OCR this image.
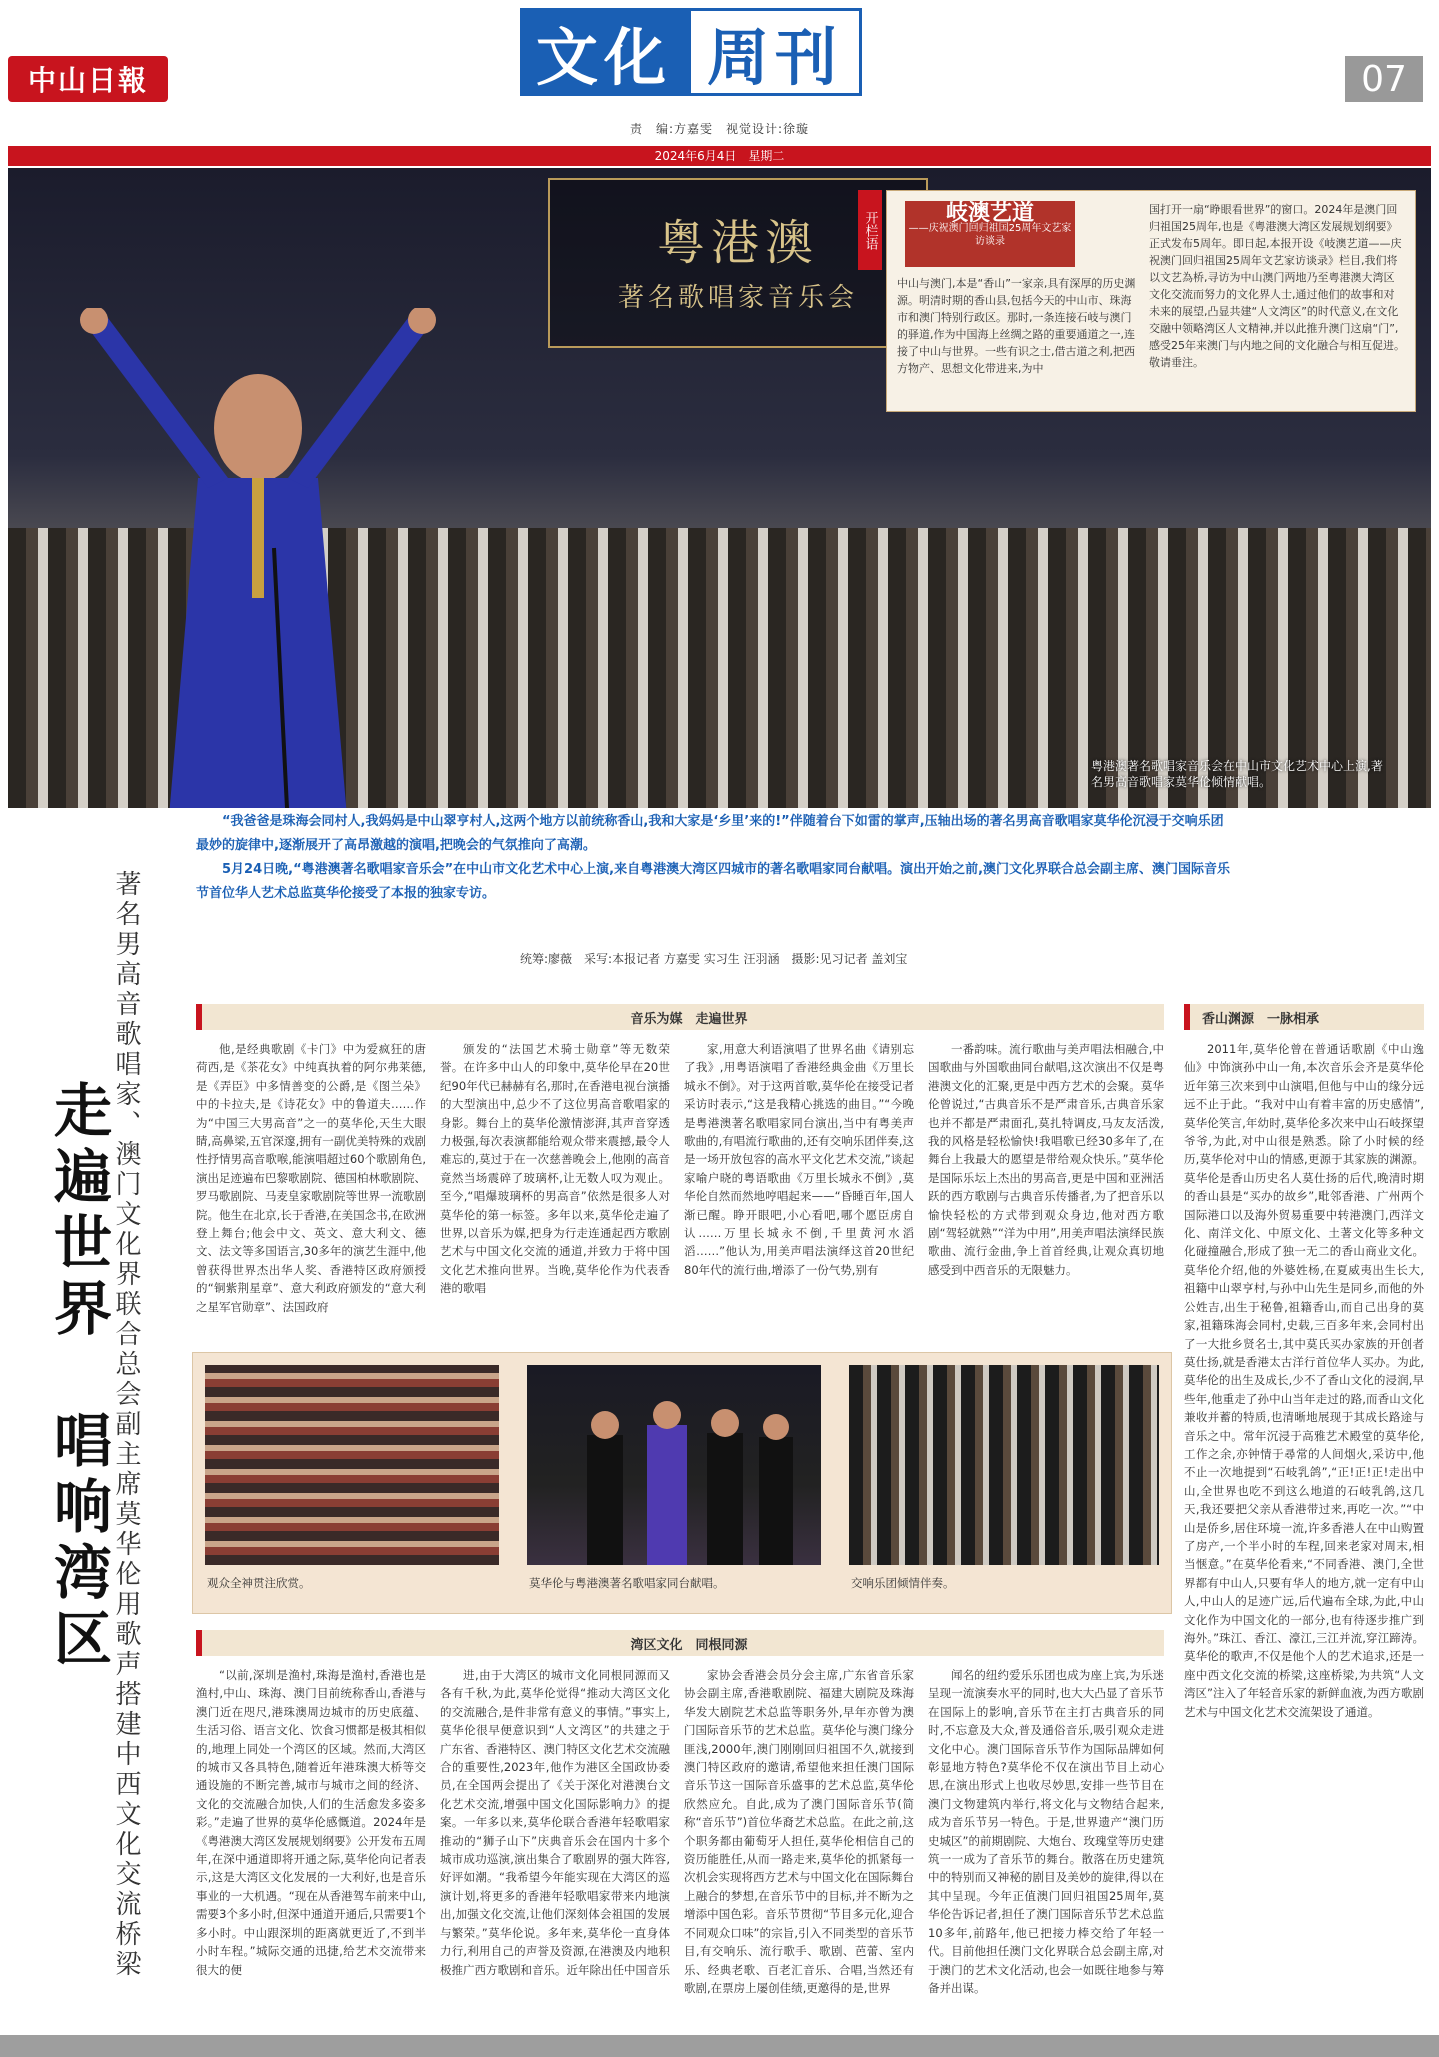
中山日報	文化 周刊	07
责　编:方嘉雯　视觉设计:徐璇
2024年6月4日　星期二
粤港澳
著名歌唱家音乐会
粤港澳著名歌唱家音乐会在中山市文化艺术中心上演,著名男高音歌唱家莫华伦倾情献唱。
开栏语	岐澳艺道
——庆祝澳门回归祖国25周年文艺家访谈录
中山与澳门,本是“香山”一家亲,具有深厚的历史渊源。明清时期的香山县,包括今天的中山市、珠海市和澳门特别行政区。那时,一条连接石岐与澳门的驿道,作为中国海上丝绸之路的重要通道之一,连接了中山与世界。一些有识之士,借古道之利,把西方物产、思想文化带进来,为中
国打开一扇“睁眼看世界”的窗口。2024年是澳门回归祖国25周年,也是《粤港澳大湾区发展规划纲要》正式发布5周年。即日起,本报开设《岐澳艺道——庆祝澳门回归祖国25周年文艺家访谈录》栏目,我们将以文艺為桥,寻访为中山澳门两地乃至粤港澳大湾区文化交流而努力的文化界人士,通过他们的故事和对未来的展望,凸显共建“人文湾区”的时代意义,在文化交融中领略湾区人文精神,并以此推升澳门这扇“门”,感受25年来澳门与内地之间的文化融合与相互促进。敬请垂注。

“我爸爸是珠海会同村人,我妈妈是中山翠亨村人,这两个地方以前统称香山,我和大家是‘乡里’来的!”伴随着台下如雷的掌声,压轴出场的著名男高音歌唱家莫华伦沉浸于交响乐团最妙的旋律中,逐渐展开了高昂激越的演唱,把晚会的气氛推向了高潮。

5月24日晚,“粤港澳著名歌唱家音乐会”在中山市文化艺术中心上演,来自粤港澳大湾区四城市的著名歌唱家同台献唱。演出开始之前,澳门文化界联合总会副主席、澳门国际音乐节首位华人艺术总监莫华伦接受了本报的独家专访。

著名男高音歌唱家、澳门文化界联合总会副主席莫华伦用歌声搭建中西文化交流桥梁
走遍世界　唱响湾区
统筹:廖薇　采写:本报记者 方嘉雯 实习生 汪羽涵　摄影:见习记者 盖刘宝
音乐为媒　走遍世界

他,是经典歌剧《卡门》中为爱疯狂的唐荷西,是《茶花女》中纯真执着的阿尔弗莱德,是《弄臣》中多情善变的公爵,是《图兰朵》中的卡拉夫,是《诗花女》中的鲁道夫……作为“中国三大男高音”之一的莫华伦,天生大眼睛,高鼻梁,五官深邃,拥有一副优美特殊的戏剧性抒情男高音歌喉,能演唱超过60个歌剧角色,演出足迹遍布巴黎歌剧院、德国柏林歌剧院、罗马歌剧院、马麦皇家歌剧院等世界一流歌剧院。他生在北京,长于香港,在美国念书,在欧洲登上舞台;他会中文、英文、意大利文、德文、法文等多国语言,30多年的演艺生涯中,他曾获得世界杰出华人奖、香港特区政府颁授的“铜紫荆星章”、意大利政府颁发的“意大利之星军官勋章”、法国政府

颁发的“法国艺术骑士勋章”等无数荣誉。在许多中山人的印象中,莫华伦早在20世纪90年代已赫赫有名,那时,在香港电视台演播的大型演出中,总少不了这位男高音歌唱家的身影。舞台上的莫华伦激情澎湃,其声音穿透力极强,每次表演都能给观众带来震撼,最令人难忘的,莫过于在一次慈善晚会上,他刚的高音竟然当场震碎了玻璃杯,让无数人叹为观止。至今,“唱爆玻璃杯的男高音”依然是很多人对莫华伦的第一标签。多年以来,莫华伦走遍了世界,以音乐为媒,把身为行走连通起西方歌剧艺术与中国文化交流的通道,并致力于将中国文化艺术推向世界。当晚,莫华伦作为代表香港的歌唱

家,用意大利语演唱了世界名曲《请别忘了我》,用粤语演唱了香港经典金曲《万里长城永不倒》。对于这两首歌,莫华伦在接受记者采访时表示,“这是我精心挑选的曲目。”“今晚是粤港澳著名歌唱家同台演出,当中有粤美声歌曲的,有唱流行歌曲的,还有交响乐团伴奏,这是一场开放包容的高水平文化艺术交流,”谈起家喻户晓的粤语歌曲《万里长城永不倒》,莫华伦自然而然地哼唱起来——“昏睡百年,国人渐已醒。睁开眼吧,小心看吧,哪个愿臣虏自认……万里长城永不倒,千里黄河水滔滔……”他认为,用美声唱法演绎这首20世纪80年代的流行曲,增添了一份气势,别有

一番韵味。流行歌曲与美声唱法相融合,中国歌曲与外国歌曲同台献唱,这次演出不仅是粤港澳文化的汇聚,更是中西方艺术的会聚。莫华伦曾说过,“古典音乐不是严肃音乐,古典音乐家也并不都是严肃面孔,莫扎特调皮,马友友活泼,我的风格是轻松愉快!我唱歌已经30多年了,在舞台上我最大的愿望是带给观众快乐。”莫华伦是国际乐坛上杰出的男高音,更是中国和亚洲活跃的西方歌剧与古典音乐传播者,为了把音乐以愉快轻松的方式带到观众身边,他对西方歌剧“驾轻就熟”“洋为中用”,用美声唱法演绎民族歌曲、流行金曲,争上首首经典,让观众真切地感受到中西音乐的无限魅力。

香山渊源　一脉相承

2011年,莫华伦曾在普通话歌剧《中山逸仙》中饰演孙中山一角,本次音乐会齐是莫华伦近年第三次来到中山演唱,但他与中山的缘分远远不止于此。“我对中山有着丰富的历史感情”,莫华伦笑言,年幼时,莫华伦多次来中山石岐探望爷爷,为此,对中山很是熟悉。除了小时候的经历,莫华伦对中山的情感,更源于其家族的渊源。莫华伦是香山历史名人莫仕扬的后代,晚清时期的香山县是“买办的故乡”,毗邻香港、广州两个国际港口以及海外贸易重要中转港澳门,西洋文化、南洋文化、中原文化、土著文化等多种文化碰撞融合,形成了独一无二的香山商业文化。莫华伦介绍,他的外婆姓杨,在夏威夷出生长大,祖籍中山翠亨村,与孙中山先生是同乡,而他的外公姓吉,出生于秘鲁,祖籍香山,而自己出身的莫家,祖籍珠海会同村,史载,三百多年来,会同村出了一大批乡贤名士,其中莫氏买办家族的开创者莫仕扬,就是香港太古洋行首位华人买办。为此,莫华伦的出生及成长,少不了香山文化的浸润,早些年,他重走了孙中山当年走过的路,而香山文化兼收并蓄的特质,也清晰地展现于其成长路途与音乐之中。常年沉浸于高雅艺术殿堂的莫华伦,工作之余,亦钟情于尋常的人间烟火,采访中,他不止一次地提到“石岐乳鸽”,“正!正!正!走出中山,全世界也吃不到这么地道的石岐乳鸽,这几天,我还要把父亲从香港带过来,再吃一次。”“中山是侨乡,居住环境一流,许多香港人在中山购置了房产,一个半小时的车程,回来老家对周末,相当惬意。”在莫华伦看来,“不同香港、澳门,全世界都有中山人,只要有华人的地方,就一定有中山人,中山人的足迹广远,后代遍布全球,为此,中山文化作为中国文化的一部分,也有待逐步推广到海外。”珠江、香江、濠江,三江并流,穿江蹄涛。莫华伦的歌声,不仅是他个人的艺术追求,还是一座中西文化交流的桥梁,这座桥梁,为共筑“人文湾区”注入了年轻音乐家的新鲜血液,为西方歌剧艺术与中国文化艺术交流架设了通道。

观众全神贯注欣赏。	莫华伦与粤港澳著名歌唱家同台献唱。	交响乐团倾情伴奏。
湾区文化　同根同源

“以前,深圳是渔村,珠海是渔村,香港也是渔村,中山、珠海、澳门目前统称香山,香港与澳门近在咫尺,港珠澳周边城市的历史底蕴、生活习俗、语言文化、饮食习惯都是极其相似的,地理上同处一个湾区的区域。然而,大湾区的城市又各具特色,随着近年港珠澳大桥等交通设施的不断完善,城市与城市之间的经济、文化的交流融合加快,人们的生活愈发多姿多彩。”走遍了世界的莫华伦感慨道。2024年是《粤港澳大湾区发展规划纲要》公开发布五周年,在深中通道即将开通之际,莫华伦向记者表示,这是大湾区文化发展的一大利好,也是音乐事业的一大机遇。“现在从香港驾车前来中山,需要3个多小时,但深中通道开通后,只需要1个多小时。中山跟深圳的距离就更近了,不到半小时车程。”城际交通的迅捷,给艺术交流带来很大的便

进,由于大湾区的城市文化同根同源而又各有千秋,为此,莫华伦觉得“推动大湾区文化的交流融合,是件非常有意义的事情。”事实上,莫华伦很早便意识到“人文湾区”的共建之于广东省、香港特区、澳门特区文化艺术交流融合的重要性,2023年,他作为港区全国政协委员,在全国两会提出了《关于深化对港澳台文化艺术交流,增强中国文化国际影响力》的提案。一年多以来,莫华伦联合香港年轻歌唱家推动的“狮子山下”庆典音乐会在国内十多个城市成功巡演,演出集合了歌剧界的强大阵容,好评如潮。“我希望今年能实现在大湾区的巡演计划,将更多的香港年轻歌唱家带来内地演出,加强文化交流,让他们深刻体会祖国的发展与繁荣。”莫华伦说。多年来,莫华伦一直身体力行,利用自己的声誉及资源,在港澳及内地积极推广西方歌剧和音乐。近年除出任中国音乐

家协会香港会员分会主席,广东省音乐家协会副主席,香港歌剧院、福建大剧院及珠海华发大剧院艺术总监等职务外,早年亦曾为澳门国际音乐节的艺术总监。莫华伦与澳门缘分匪浅,2000年,澳门刚刚回归祖国不久,就接到澳门特区政府的邀请,希望他来担任澳门国际音乐节这一国际音乐盛事的艺术总监,莫华伦欣然应允。自此,成为了澳门国际音乐节(简称“音乐节”)首位华裔艺术总监。在此之前,这个职务都由葡萄牙人担任,莫华伦相信自己的资历能胜任,从而一路走来,莫华伦的抓紧每一次机会实现将西方艺术与中国文化在国际舞台上融合的梦想,在音乐节中的目标,并不断为之增添中国色彩。音乐节贯彻“节目多元化,迎合不同观众口味”的宗旨,引入不同类型的音乐节目,有交响乐、流行歌手、歌剧、芭蕾、室内乐、经典老歌、百老汇音乐、合唱,当然还有歌剧,在票房上屡创佳绩,更邀得的是,世界

闻名的纽约爱乐乐团也成为座上宾,为乐迷呈现一流演奏水平的同时,也大大凸显了音乐节在国际上的影响,音乐节在主打古典音乐的同时,不忘意及大众,普及通俗音乐,吸引观众走进文化中心。澳门国际音乐节作为国际品牌如何彰显地方特色?莫华伦不仅在演出节目上动心思,在演出形式上也收尽妙思,安排一些节目在澳门文物建筑内举行,将文化与文物结合起来,成为音乐节另一特色。于是,世界遗产“澳门历史城区”的前期剧院、大炮台、玫瑰堂等历史建筑一一成为了音乐节的舞台。散落在历史建筑中的特别而又神秘的剧目及美妙的旋律,得以在其中呈现。今年正值澳门回归祖国25周年,莫华伦告诉记者,担任了澳门国际音乐节艺术总监10多年,前路年,他已把接力棒交给了年轻一代。目前他担任澳门文化界联合总会副主席,对于澳门的艺术文化活动,也会一如既往地参与筹备并出谋。
